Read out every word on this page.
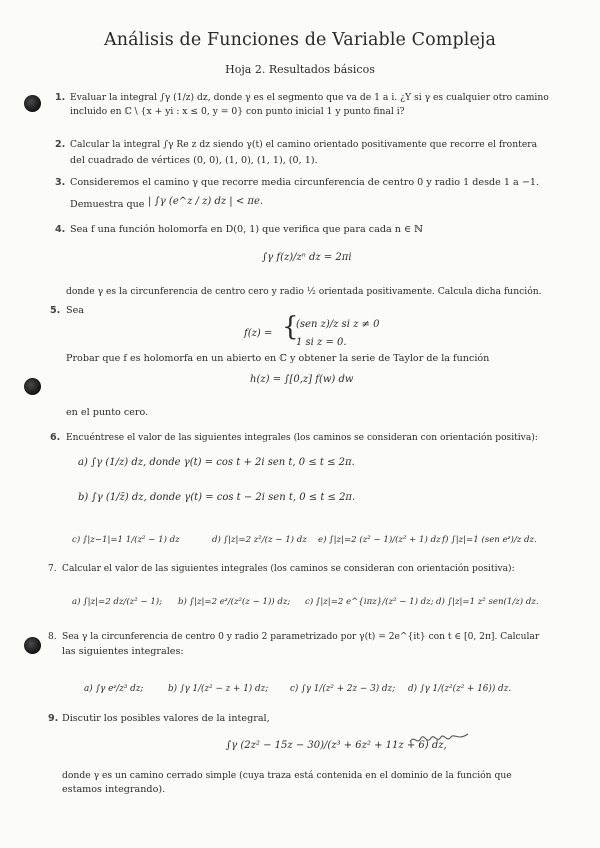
Análisis de Funciones de Variable Compleja
Hoja 2. Resultados básicos
1. Evaluar la integral ∫γ (1/z) dz, donde γ es el segmento que va de 1 a i. ¿Y si γ es cualquier otro camino
incluido en ℂ \ {x + yi : x ≤ 0, y = 0} con punto inicial 1 y punto final i?
2. Calcular la integral ∫γ Re z dz siendo γ(t) el camino orientado positivamente que recorre el frontera
del cuadrado de vértices (0, 0), (1, 0), (1, 1), (0, 1).
3. Consideremos el camino γ que recorre media circunferencia de centro 0 y radio 1 desde 1 a −1.
Demuestra que | ∫γ (e^z / z) dz | < πe.
4. Sea f una función holomorfa en D(0, 1) que verifica que para cada n ∈ ℕ
∫γ f(z)/zⁿ dz = 2πi
donde γ es la circunferencia de centro cero y radio ½ orientada positivamente. Calcula dicha función.
5. Sea
f(z) = {
(sen z)/z si z ≠ 0
1 si z = 0.
Probar que f es holomorfa en un abierto en ℂ y obtener la serie de Taylor de la función
h(z) = ∫[0,z] f(w) dw
en el punto cero.
6. Encuéntrese el valor de las siguientes integrales (los caminos se consideran con orientación positiva):
a) ∫γ (1/z) dz, donde γ(t) = cos t + 2i sen t, 0 ≤ t ≤ 2π.
b) ∫γ (1/z̄) dz, donde γ(t) = cos t − 2i sen t, 0 ≤ t ≤ 2π.
c) ∫|z−1|=1 1/(z² − 1) dz	d) ∫|z|=2 z²/(z − 1) dz e) ∫|z|=2 (z² − 1)/(z² + 1) dz f) ∫|z|=1 (sen eᶻ)/z dz.
7. Calcular el valor de las siguientes integrales (los caminos se consideran con orientación positiva):
a) ∫|z|=2 dz/(z² − 1); b) ∫|z|=2 eᶻ/(z²(z − 1)) dz; c) ∫|z|=2 e^{iπz}/(z² − 1) dz; d) ∫|z|=1 z² sen(1/z) dz.
8. Sea γ la circunferencia de centro 0 y radio 2 parametrizado por γ(t) = 2e^{it} con t ∈ [0, 2π]. Calcular
las siguientes integrales:
a) ∫γ eᶻ/z³ dz;	b) ∫γ 1/(z² − z + 1) dz; c) ∫γ 1/(z² + 2z − 3) dz; d) ∫γ 1/(z²(z² + 16)) dz.
9. Discutir los posibles valores de la integral,
∫γ (2z² − 15z − 30)/(z³ + 6z² + 11z + 6) dz,
donde γ es un camino cerrado simple (cuya traza está contenida en el dominio de la función que
estamos integrando).
